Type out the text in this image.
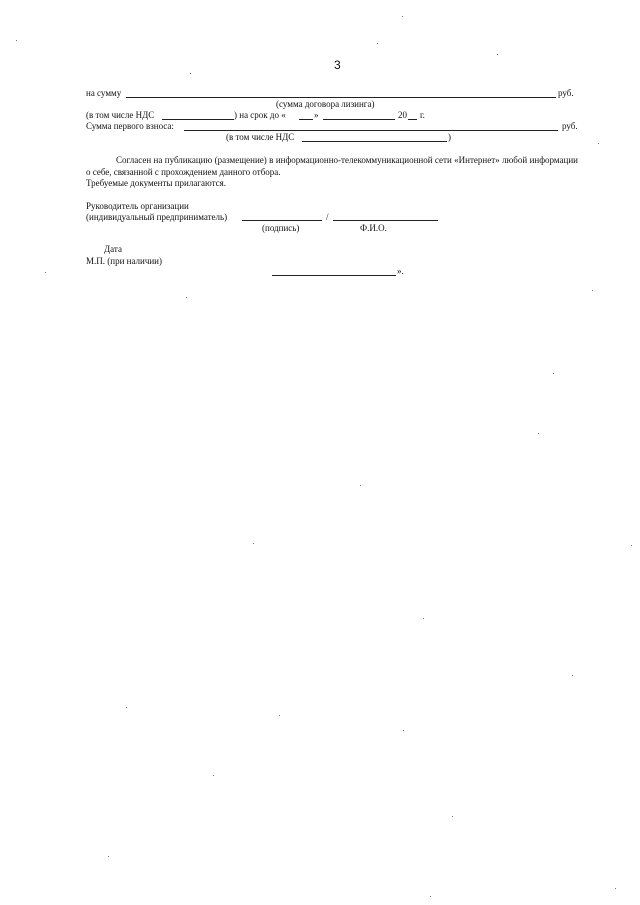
3
на сумму	руб.
(сумма договора лизинга)
(в том числе НДС	) на срок до «	»	20 г.
Сумма первого взноса:	руб.
(в том числе НДС	)
Согласен на публикацию (размещение) в информационно-телекоммуникационной сети «Интернет» любой информации о себе, связанной с прохождением данного отбора.
Требуемые документы прилагаются.
Руководитель организации
(индивидуальный предприниматель)	/
(подпись)	Ф.И.О.
Дата
М.П. (при наличии)
».
